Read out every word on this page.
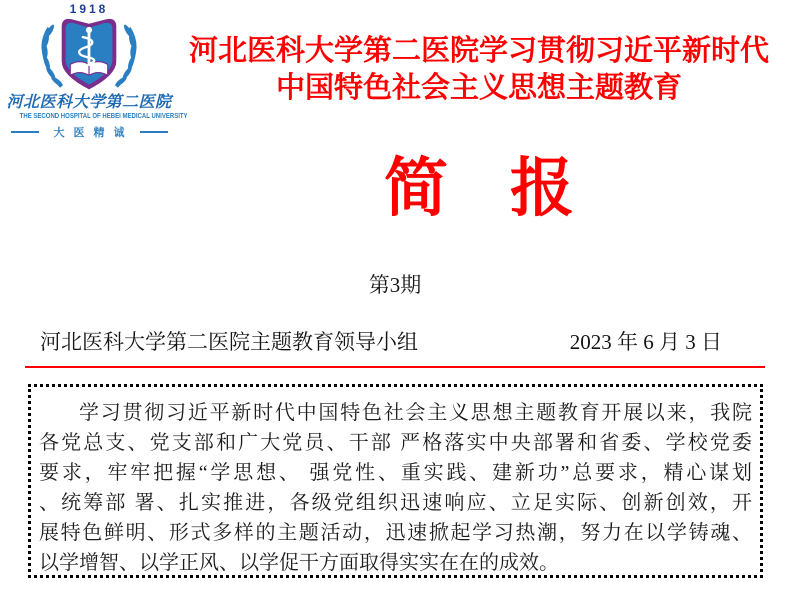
1918
河北医科大学第二医院
THE SECOND HOSPITAL OF HEBEI MEDICAL UNIVERSITY
大医精诚
河北医科大学第二医院学习贯彻习近平新时代
中国特色社会主义思想主题教育
简 报
第3期
河北医科大学第二医院主题教育领导小组	2023 年 6 月 3 日
学习贯彻习近平新时代中国特色社会主义思想主题教育开展以来，我院
各党总支、党支部和广大党员、干部 严格落实中央部署和省委、学校党委
要求，牢牢把握“学思想、 强党性、重实践、建新功”总要求，精心谋划
、统筹部 署、扎实推进，各级党组织迅速响应、立足实际、创新创效，开
展特色鲜明、形式多样的主题活动，迅速掀起学习热潮，努力在以学铸魂、
以学增智、以学正风、以学促干方面取得实实在在的成效。
